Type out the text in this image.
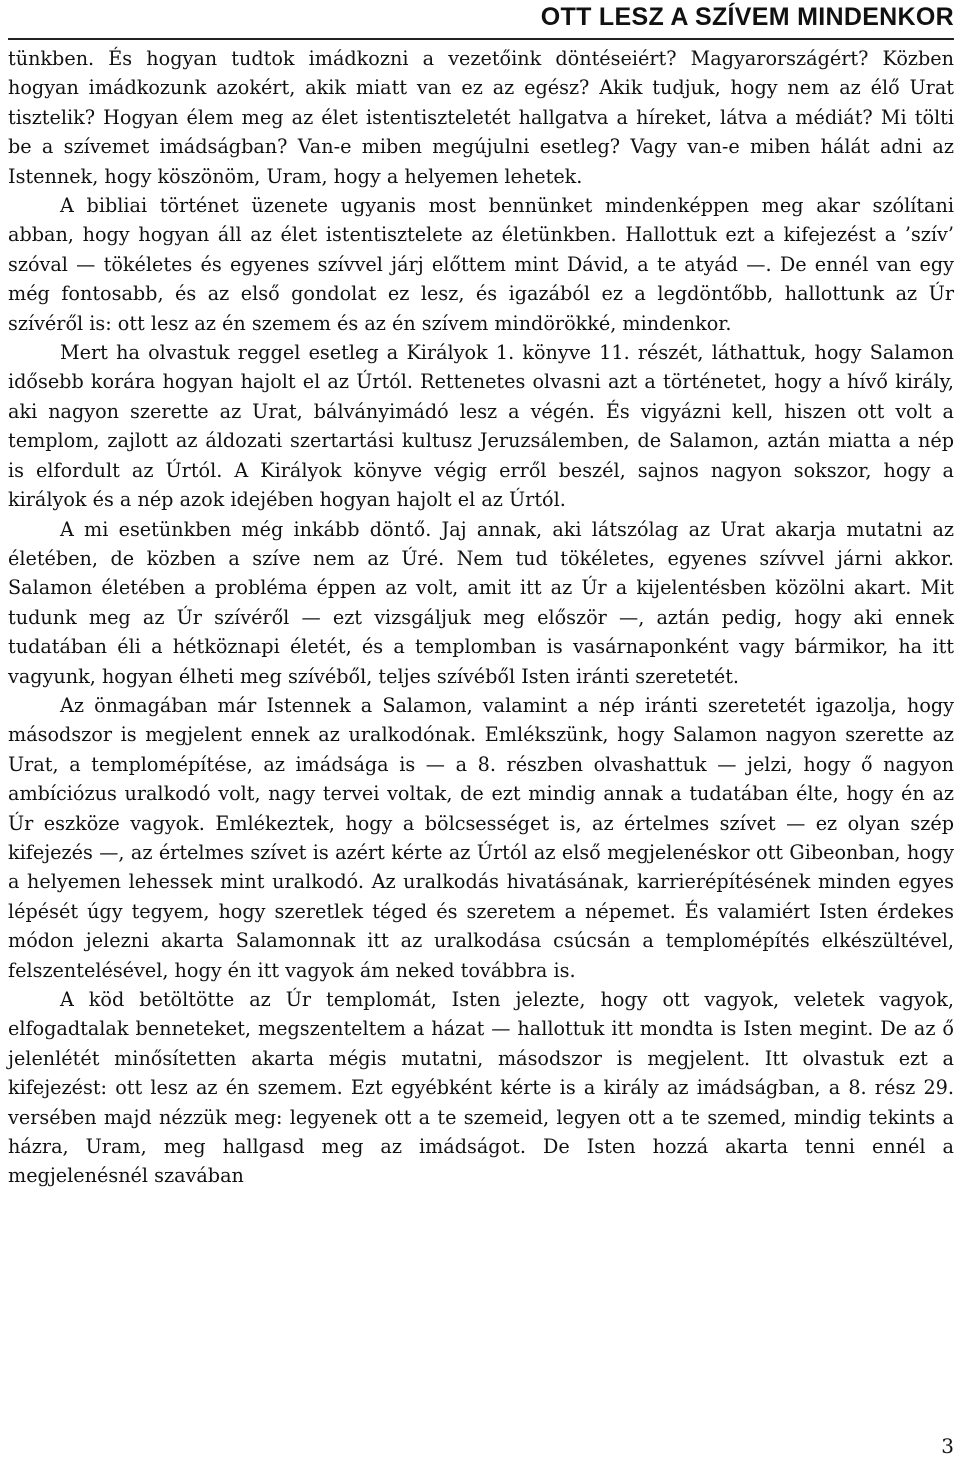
OTT LESZ A SZÍVEM MINDENKOR

tünkben. És hogyan tudtok imádkozni a vezetőink döntéseiért? Magyarországért? Közben hogyan imádkozunk azokért, akik miatt van ez az egész? Akik tudjuk, hogy nem az élő Urat tisztelik? Hogyan élem meg az élet istentiszteletét hallgatva a híreket, látva a médiát? Mi tölti be a szívemet imádságban? Van-e miben megújulni esetleg? Vagy van-e miben hálát adni az Istennek, hogy köszönöm, Uram, hogy a helyemen lehetek.

A bibliai történet üzenete ugyanis most bennünket mindenképpen meg akar szólítani abban, hogy hogyan áll az élet istentisztelete az életünkben. Hallottuk ezt a kifejezést a ’szív’ szóval — tökéletes és egyenes szívvel járj előttem mint Dávid, a te atyád —. De ennél van egy még fontosabb, és az első gondolat ez lesz, és igazából ez a legdöntőbb, hallottunk az Úr szívéről is: ott lesz az én szemem és az én szívem mindörökké, mindenkor.

Mert ha olvastuk reggel esetleg a Királyok 1. könyve 11. részét, láthattuk, hogy Salamon idősebb korára hogyan hajolt el az Úrtól. Rettenetes olvasni azt a történetet, hogy a hívő király, aki nagyon szerette az Urat, bálványimádó lesz a végén. És vigyázni kell, hiszen ott volt a templom, zajlott az áldozati szertartási kultusz Jeruzsálemben, de Salamon, aztán miatta a nép is elfordult az Úrtól. A Királyok könyve végig erről beszél, sajnos nagyon sokszor, hogy a királyok és a nép azok idejében hogyan hajolt el az Úrtól.

A mi esetünkben még inkább döntő. Jaj annak, aki látszólag az Urat akarja mutatni az életében, de közben a szíve nem az Úré. Nem tud tökéletes, egyenes szívvel járni akkor. Salamon életében a probléma éppen az volt, amit itt az Úr a kijelentésben közölni akart. Mit tudunk meg az Úr szívéről — ezt vizsgáljuk meg először —, aztán pedig, hogy aki ennek tudatában éli a hétköznapi életét, és a templomban is vasárnaponként vagy bármikor, ha itt vagyunk, hogyan élheti meg szívéből, teljes szívéből Isten iránti szeretetét.

Az önmagában már Istennek a Salamon, valamint a nép iránti szeretetét igazolja, hogy másodszor is megjelent ennek az uralkodónak. Emlékszünk, hogy Salamon nagyon szerette az Urat, a templomépítése, az imádsága is — a 8. részben olvashattuk — jelzi, hogy ő nagyon ambíciózus uralkodó volt, nagy tervei voltak, de ezt mindig annak a tudatában élte, hogy én az Úr eszköze vagyok. Emlékeztek, hogy a bölcsességet is, az értelmes szívet — ez olyan szép kifejezés —, az értelmes szívet is azért kérte az Úrtól az első megjelenéskor ott Gibeonban, hogy a helyemen lehessek mint uralkodó. Az uralkodás hivatásának, karrierépítésének minden egyes lépését úgy tegyem, hogy szeretlek téged és szeretem a népemet. És valamiért Isten érdekes módon jelezni akarta Salamonnak itt az uralkodása csúcsán a templomépítés elkészültével, felszentelésével, hogy én itt vagyok ám neked továbbra is.

A köd betöltötte az Úr templomát, Isten jelezte, hogy ott vagyok, veletek vagyok, elfogadtalak benneteket, megszenteltem a házat — hallottuk itt mondta is Isten megint. De az ő jelenlétét minősítetten akarta mégis mutatni, másodszor is megjelent. Itt olvastuk ezt a kifejezést: ott lesz az én szemem. Ezt egyébként kérte is a király az imádságban, a 8. rész 29. versében majd nézzük meg: legyenek ott a te szemeid, legyen ott a te szemed, mindig tekints a házra, Uram, meg hallgasd meg az imádságot. De Isten hozzá akarta tenni ennél a megjelenésnél szavában

3
